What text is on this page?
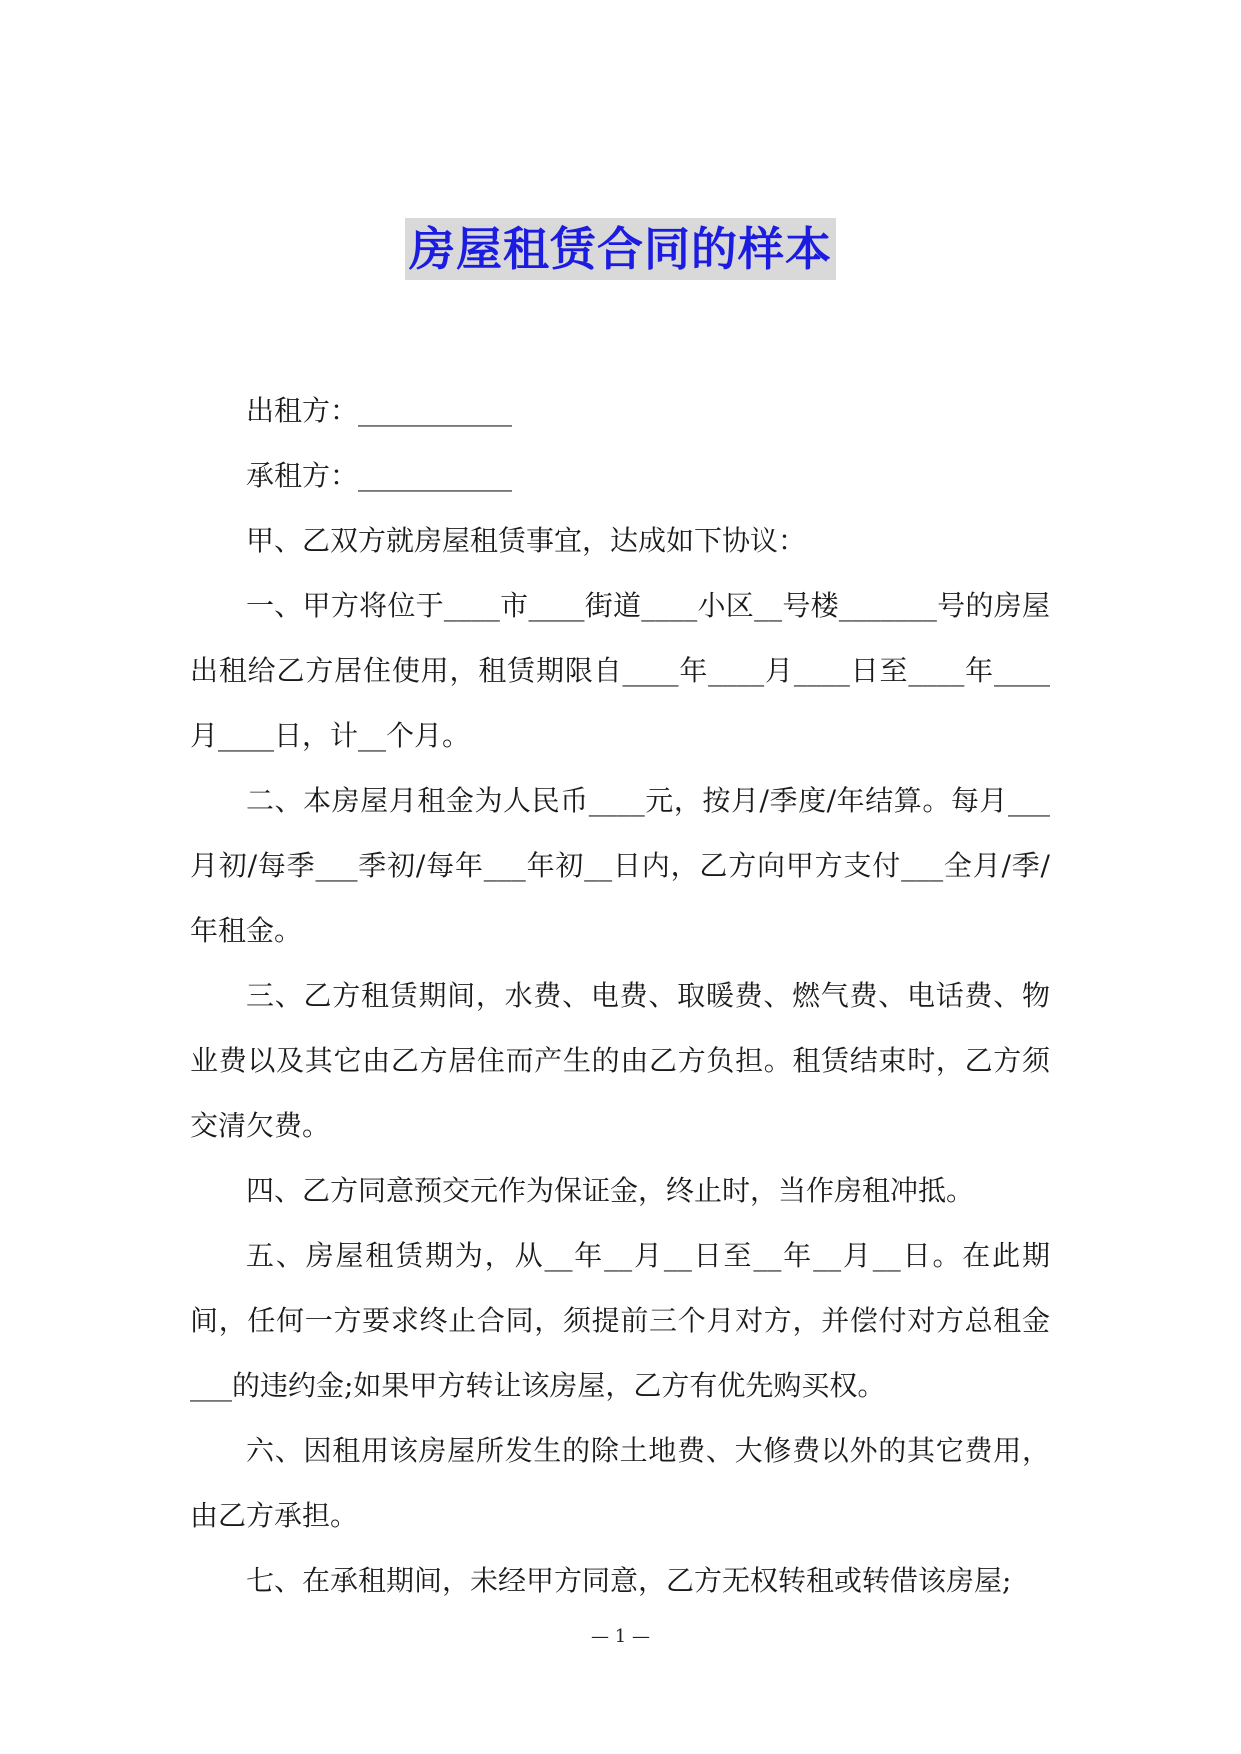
房屋租赁合同的样本

出租方：___________

承租方：___________

甲、乙双方就房屋租赁事宜，达成如下协议：

一、甲方将位于____市____街道____小区__号楼_______号的房屋出租给乙方居住使用，租赁期限自____年____月____日至____年____月____日，计__个月。

二、本房屋月租金为人民币____元，按月/季度/年结算。每月___月初/每季___季初/每年___年初__日内，乙方向甲方支付___全月/季/年租金。

三、乙方租赁期间，水费、电费、取暖费、燃气费、电话费、物业费以及其它由乙方居住而产生的由乙方负担。租赁结束时，乙方须交清欠费。

四、乙方同意预交元作为保证金，终止时，当作房租冲抵。

五、房屋租赁期为，从__年__月__日至__年__月__日。在此期间，任何一方要求终止合同，须提前三个月对方，并偿付对方总租金___的违约金;如果甲方转让该房屋，乙方有优先购买权。

六、因租用该房屋所发生的除土地费、大修费以外的其它费用，由乙方承担。

七、在承租期间，未经甲方同意，乙方无权转租或转借该房屋;

— 1 —
